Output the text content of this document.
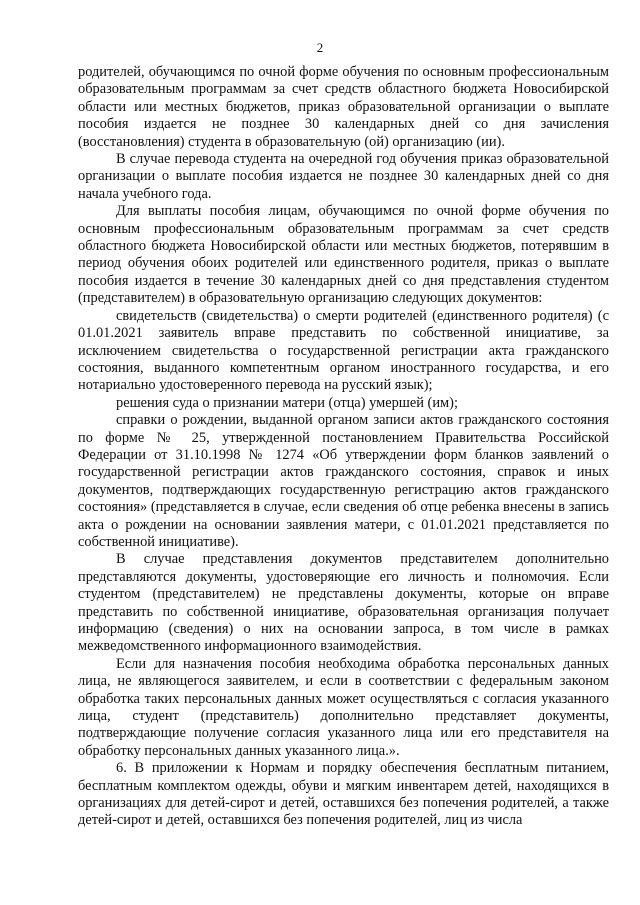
2

родителей, обучающимся по очной форме обучения по основным профессиональным образовательным программам за счет средств областного бюджета Новосибирской области или местных бюджетов, приказ образовательной организации о выплате пособия издается не позднее 30 календарных дней со дня зачисления (восстановления) студента в образовательную (ой) организацию (ии).

В случае перевода студента на очередной год обучения приказ образовательной организации о выплате пособия издается не позднее 30 календарных дней со дня начала учебного года.

Для выплаты пособия лицам, обучающимся по очной форме обучения по основным профессиональным образовательным программам за счет средств областного бюджета Новосибирской области или местных бюджетов, потерявшим в период обучения обоих родителей или единственного родителя, приказ о выплате пособия издается в течение 30 календарных дней со дня представления студентом (представителем) в образовательную организацию следующих документов:

свидетельств (свидетельства) о смерти родителей (единственного родителя) (с 01.01.2021 заявитель вправе представить по собственной инициативе, за исключением свидетельства о государственной регистрации акта гражданского состояния, выданного компетентным органом иностранного государства, и его нотариально удостоверенного перевода на русский язык);

решения суда о признании матери (отца) умершей (им);

справки о рождении, выданной органом записи актов гражданского состояния по форме № 25, утвержденной постановлением Правительства Российской Федерации от 31.10.1998 № 1274 «Об утверждении форм бланков заявлений о государственной регистрации актов гражданского состояния, справок и иных документов, подтверждающих государственную регистрацию актов гражданского состояния» (представляется в случае, если сведения об отце ребенка внесены в запись акта о рождении на основании заявления матери, с 01.01.2021 представляется по собственной инициативе).

В случае представления документов представителем дополнительно представляются документы, удостоверяющие его личность и полномочия. Если студентом (представителем) не представлены документы, которые он вправе представить по собственной инициативе, образовательная организация получает информацию (сведения) о них на основании запроса, в том числе в рамках межведомственного информационного взаимодействия.

Если для назначения пособия необходима обработка персональных данных лица, не являющегося заявителем, и если в соответствии с федеральным законом обработка таких персональных данных может осуществляться с согласия указанного лица, студент (представитель) дополнительно представляет документы, подтверждающие получение согласия указанного лица или его представителя на обработку персональных данных указанного лица.».

6. В приложении к Нормам и порядку обеспечения бесплатным питанием, бесплатным комплектом одежды, обуви и мягким инвентарем детей, находящихся в организациях для детей-сирот и детей, оставшихся без попечения родителей, а также детей-сирот и детей, оставшихся без попечения родителей, лиц из числа
